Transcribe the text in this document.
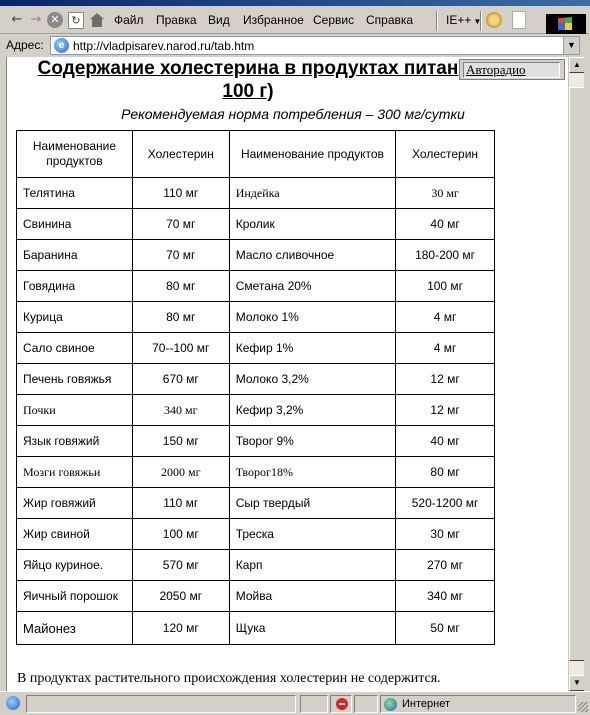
← → ✕	↻	Файл Правка Вид Избранное Сервис Справка	IE++ ▼
Адрес:	e http://vladpisarev.narod.ru/tab.htm	▼
Содержание холестерина в продуктах питан
100 г)
Авторадио
Рекомендуемая норма потребления – 300 мг/сутки
Наименование продуктов	Холестерин	Наименование продуктов	Холестерин
Телятина	110 мг	Индейка	30 мг
Свинина	70 мг	Кролик	40 мг
Баранина	70 мг	Масло сливочное	180-200 мг
Говядина	80 мг	Сметана 20%	100 мг
Курица	80 мг	Молоко 1%	4 мг
Сало свиное	70--100 мг	Кефир 1%	4 мг
Печень говяжья	670 мг	Молоко 3,2%	12 мг
Почки	340 мг	Кефир 3,2%	12 мг
Язык говяжий	150 мг	Творог 9%	40 мг
Мозги говяжьи	2000 мг	Творог18%	80 мг
Жир говяжий	110 мг	Сыр твердый	520-1200 мг
Жир свиной	100 мг	Треска	30 мг
Яйцо куриное.	570 мг	Карп	270 мг
Яичный порошок	2050 мг	Мойва	340 мг
Майонез	120 мг	Щука	50 мг
В продуктах растительного происхождения холестерин не содержится.
▲
▼
Интернет
